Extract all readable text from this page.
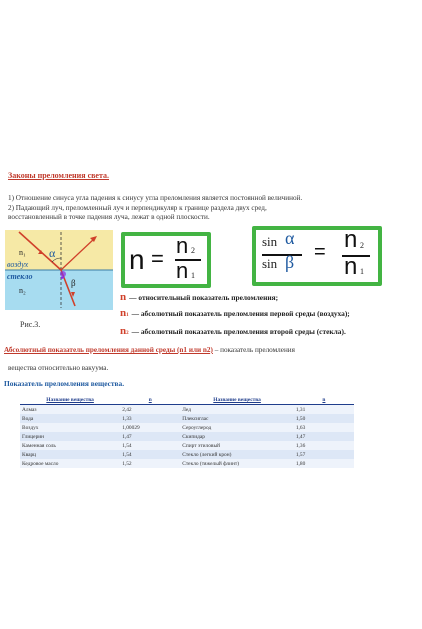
Законы преломления света.
1) Отношение синуса угла падения к синусу угла преломления является постоянной величиной.
2) Падающий луч, преломленный луч и перпендикуляр к границе раздела двух сред,
восстановленный в точке падения луча, лежат в одной плоскости.
n₁ α
воздух
стекло
n₂
β
Рис.3.
n =
n 2
n 1
sin α
sin β = n 2
n 1
n — относительный показатель преломления;
n1 — абсолютный показатель преломления первой среды (воздуха);
n2 — абсолютный показатель преломления второй среды (стекла).
Абсолютный показатель преломления данной среды (n1 или n2) – показатель преломления
вещества относительно вакуума.
Показатель преломления вещества.
Название вещества	n	Название вещества	n
Алмаз	2,42	Лед	1,31
Вода	1,33	Плексиглас	1,50
Воздух	1,00029	Сероуглерод	1,63
Глицерин	1,47	Скипидар	1,47
Каменная соль	1,54	Спирт этиловый	1,36
Кварц	1,54	Стекло (легкий крон)	1,57
Кедровое масло	1,52	Стекло (тяжелый флинт)	1,80
